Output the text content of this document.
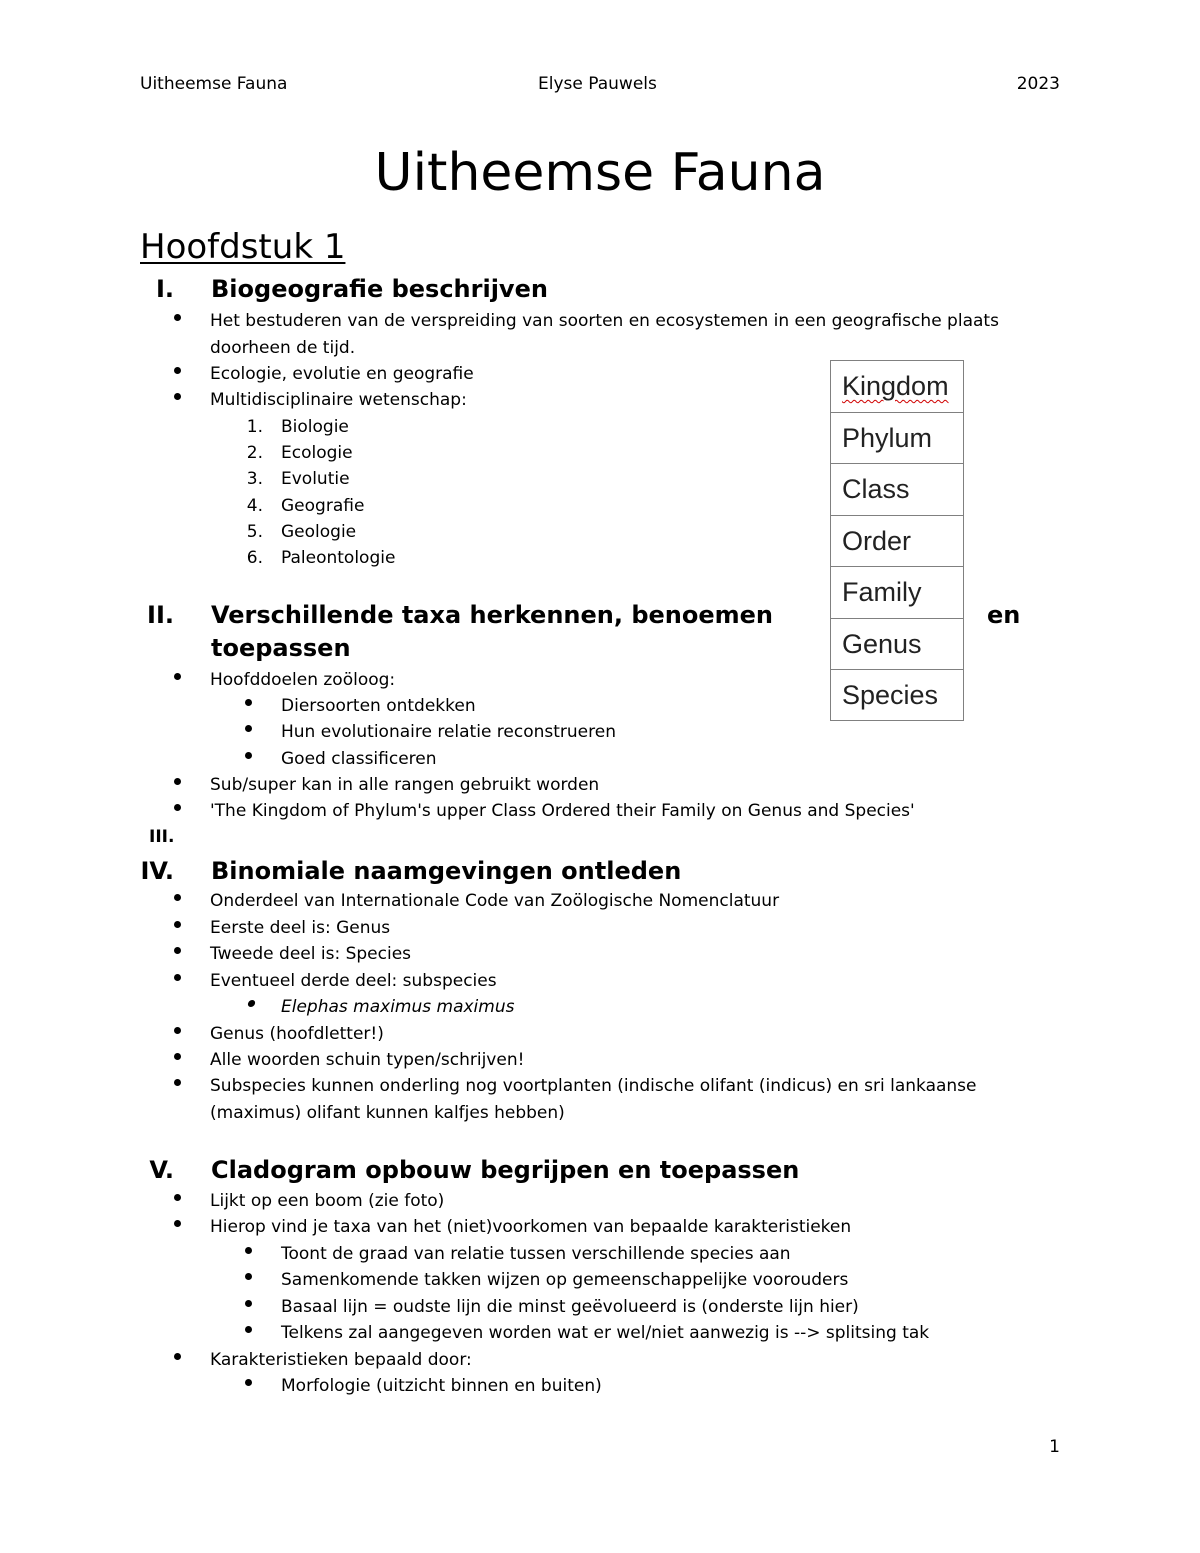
Uitheemse Fauna	Elyse Pauwels	2023
Uitheemse Fauna
Hoofdstuk 1
I. Biogeografie beschrijven
Het bestuderen van de verspreiding van soorten en ecosystemen in een geografische plaats
doorheen de tijd.
Ecologie, evolutie en geografie
Multidisciplinaire wetenschap:
1. Biologie
2. Ecologie
3. Evolutie
4. Geografie
5. Geologie
6. Paleontologie
II. Verschillende taxa herkennen, benoemen	en
toepassen
Hoofddoelen zoöloog:
Diersoorten ontdekken
Hun evolutionaire relatie reconstrueren
Goed classificeren
Sub/super kan in alle rangen gebruikt worden
'The Kingdom of Phylum's upper Class Ordered their Family on Genus and Species'
III.
IV. Binomiale naamgevingen ontleden
Onderdeel van Internationale Code van Zoölogische Nomenclatuur
Eerste deel is: Genus
Tweede deel is: Species
Eventueel derde deel: subspecies
Elephas maximus maximus
Genus (hoofdletter!)
Alle woorden schuin typen/schrijven!
Subspecies kunnen onderling nog voortplanten (indische olifant (indicus) en sri lankaanse
(maximus) olifant kunnen kalfjes hebben)
V. Cladogram opbouw begrijpen en toepassen
Lijkt op een boom (zie foto)
Hierop vind je taxa van het (niet)voorkomen van bepaalde karakteristieken
Toont de graad van relatie tussen verschillende species aan
Samenkomende takken wijzen op gemeenschappelijke voorouders
Basaal lijn = oudste lijn die minst geëvolueerd is (onderste lijn hier)
Telkens zal aangegeven worden wat er wel/niet aanwezig is --> splitsing tak
Karakteristieken bepaald door:
Morfologie (uitzicht binnen en buiten)
Kingdom
Phylum
Class
Order
Family
Genus
Species
1
